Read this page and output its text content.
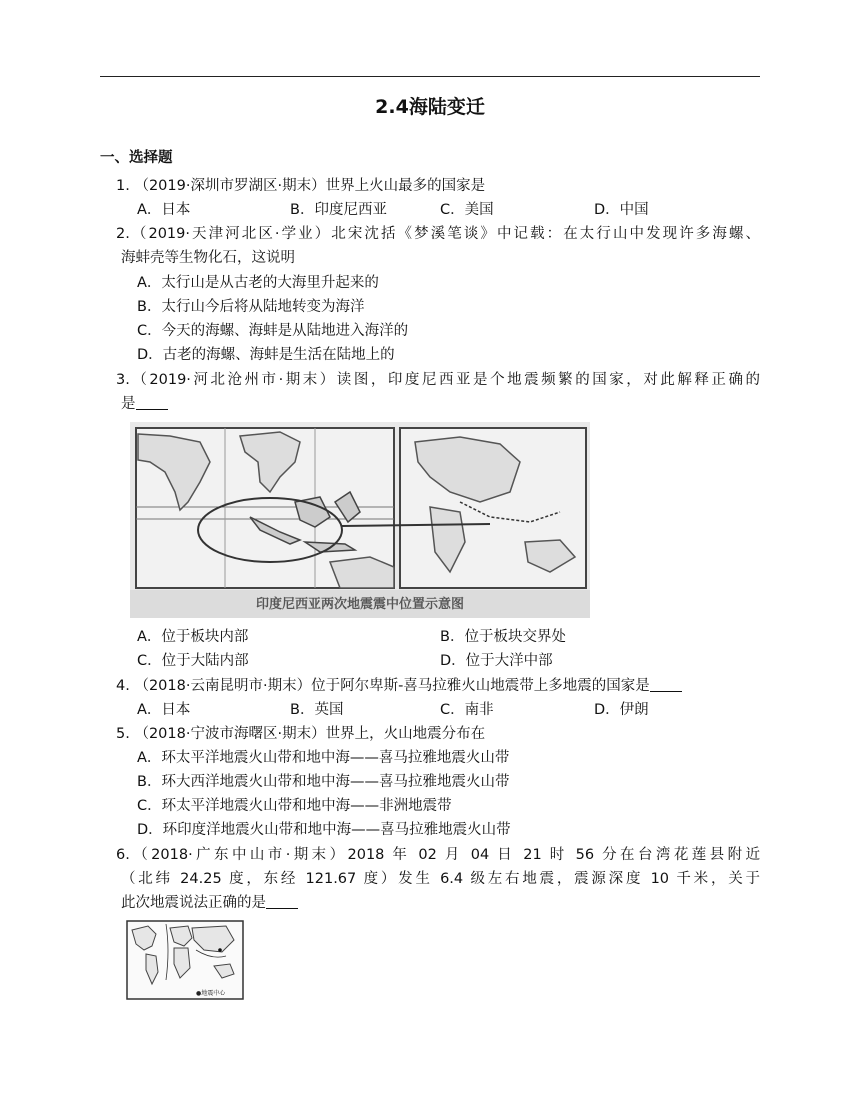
2.4海陆变迁
一、选择题
1. （2019·深圳市罗湖区·期末）世界上火山最多的国家是
A．日本	B．印度尼西亚	C．美国	D．中国
2.（2019·天津河北区·学业）北宋沈括《梦溪笔谈》中记载：在太行山中发现许多海螺、
海蚌壳等生物化石，这说明
A．太行山是从古老的大海里升起来的
B．太行山今后将从陆地转变为海洋
C．今天的海螺、海蚌是从陆地进入海洋的
D．古老的海螺、海蚌是生活在陆地上的
3.（2019·河北沧州市·期末）读图，印度尼西亚是个地震频繁的国家，对此解释正确的
是
印度尼西亚两次地震震中位置示意图
A．位于板块内部	B．位于板块交界处
C．位于大陆内部	D．位于大洋中部
4. （2018·云南昆明市·期末）位于阿尔卑斯-喜马拉雅火山地震带上多地震的国家是
A．日本	B．英国	C．南非	D．伊朗
5. （2018·宁波市海曙区·期末）世界上，火山地震分布在
A．环太平洋地震火山带和地中海——喜马拉雅地震火山带
B．环大西洋地震火山带和地中海——喜马拉雅地震火山带
C．环太平洋地震火山带和地中海——非洲地震带
D．环印度洋地震火山带和地中海——喜马拉雅地震火山带
6.（2018·广东中山市·期末）2018 年 02 月 04 日 21 时 56 分在台湾花莲县附近
（北纬 24.25 度，东经 121.67 度）发生 6.4 级左右地震，震源深度 10 千米，关于
此次地震说法正确的是
●地震中心
